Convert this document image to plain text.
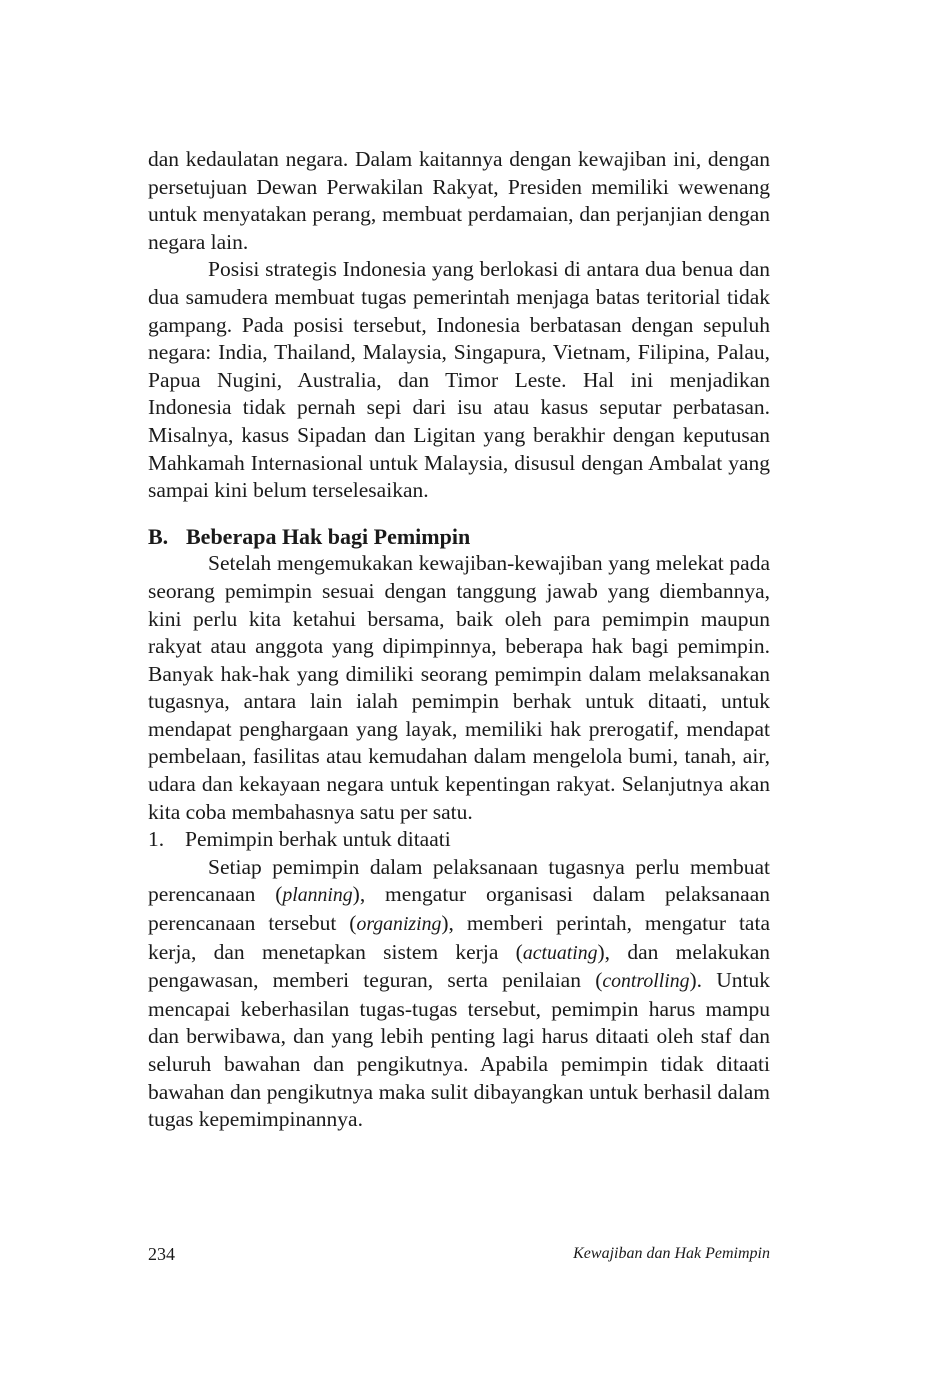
dan kedaulatan negara. Dalam kaitannya dengan kewajiban ini, dengan persetujuan Dewan Perwakilan Rakyat, Presiden memiliki wewenang untuk menyatakan perang, membuat perdamaian, dan perjanjian dengan negara lain.

Posisi strategis Indonesia yang berlokasi di antara dua benua dan dua samudera membuat tugas pemerintah menjaga batas teritorial tidak gampang. Pada posisi tersebut, Indonesia berbatasan dengan sepuluh negara: India, Thailand, Malaysia, Singapura, Vietnam, Filipina, Palau, Papua Nugini, Australia, dan Timor Leste. Hal ini menjadikan Indonesia tidak pernah sepi dari isu atau kasus seputar perbatasan. Misalnya, kasus Sipadan dan Ligitan yang berakhir dengan keputusan Mahkamah Internasional untuk Malaysia, disusul dengan Ambalat yang sampai kini belum terselesaikan.

B. Beberapa Hak bagi Pemimpin

Setelah mengemukakan kewajiban-kewajiban yang melekat pada seorang pemimpin sesuai dengan tanggung jawab yang diembannya, kini perlu kita ketahui bersama, baik oleh para pemimpin maupun rakyat atau anggota yang dipimpinnya, beberapa hak bagi pemimpin. Banyak hak-hak yang dimiliki seorang pemimpin dalam melaksanakan tugasnya, antara lain ialah pemimpin berhak untuk ditaati, untuk mendapat penghargaan yang layak, memiliki hak prerogatif, mendapat pembelaan, fasilitas atau kemudahan dalam mengelola bumi, tanah, air, udara dan kekayaan negara untuk kepentingan rakyat. Selanjutnya akan kita coba membahasnya satu per satu.

1. Pemimpin berhak untuk ditaati

Setiap pemimpin dalam pelaksanaan tugasnya perlu membuat perencanaan (planning), mengatur organisasi dalam pelaksanaan perencanaan tersebut (organizing), memberi perintah, mengatur tata kerja, dan menetapkan sistem kerja (actuating), dan melakukan pengawasan, memberi teguran, serta penilaian (controlling). Untuk mencapai keberhasilan tugas-tugas tersebut, pemimpin harus mampu dan berwibawa, dan yang lebih penting lagi harus ditaati oleh staf dan seluruh bawahan dan pengikutnya. Apabila pemimpin tidak ditaati bawahan dan pengikutnya maka sulit dibayangkan untuk berhasil dalam tugas kepemimpinannya.

234	Kewajiban dan Hak Pemimpin
